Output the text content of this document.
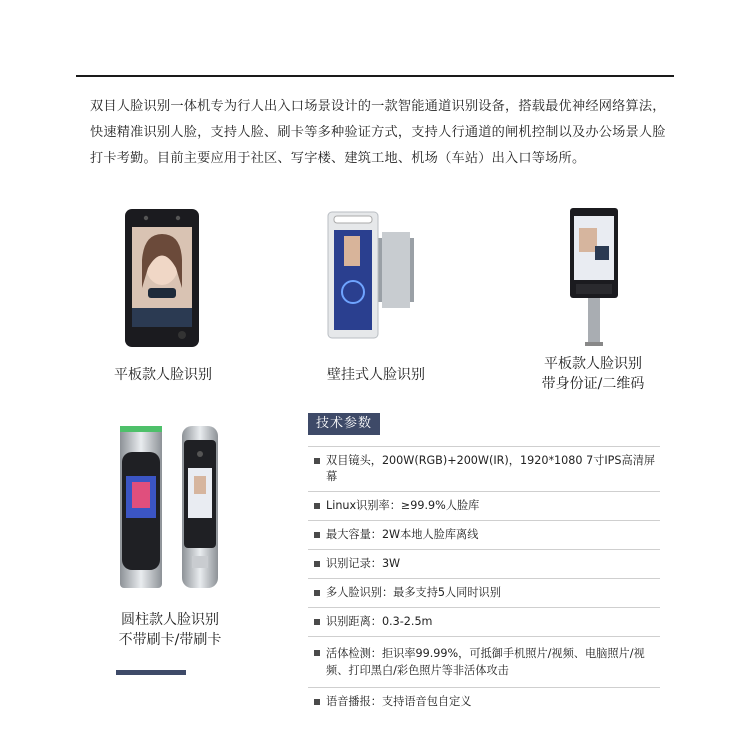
双目人脸识别一体机专为行人出入口场景设计的一款智能通道识别设备，搭载最优神经网络算法，快速精准识别人脸，支持人脸、刷卡等多种验证方式，支持人行通道的闸机控制以及办公场景人脸打卡考勤。目前主要应用于社区、写字楼、建筑工地、机场（车站）出入口等场所。
平板款人脸识别	壁挂式人脸识别
平板款人脸识别
带身份证/二维码
圆柱款人脸识别
不带刷卡/带刷卡
技术参数
双目镜头，200W(RGB)+200W(IR)，1920*1080 7寸IPS高清屏幕
Linux识别率：≥99.9%人脸库
最大容量：2W本地人脸库离线
识别记录：3W
多人脸识别：最多支持5人同时识别
识别距离：0.3-2.5m
活体检测：拒识率99.99%，可抵御手机照片/视频、电脑照片/视频、打印黑白/彩色照片等非活体攻击
语音播报：支持语音包自定义
